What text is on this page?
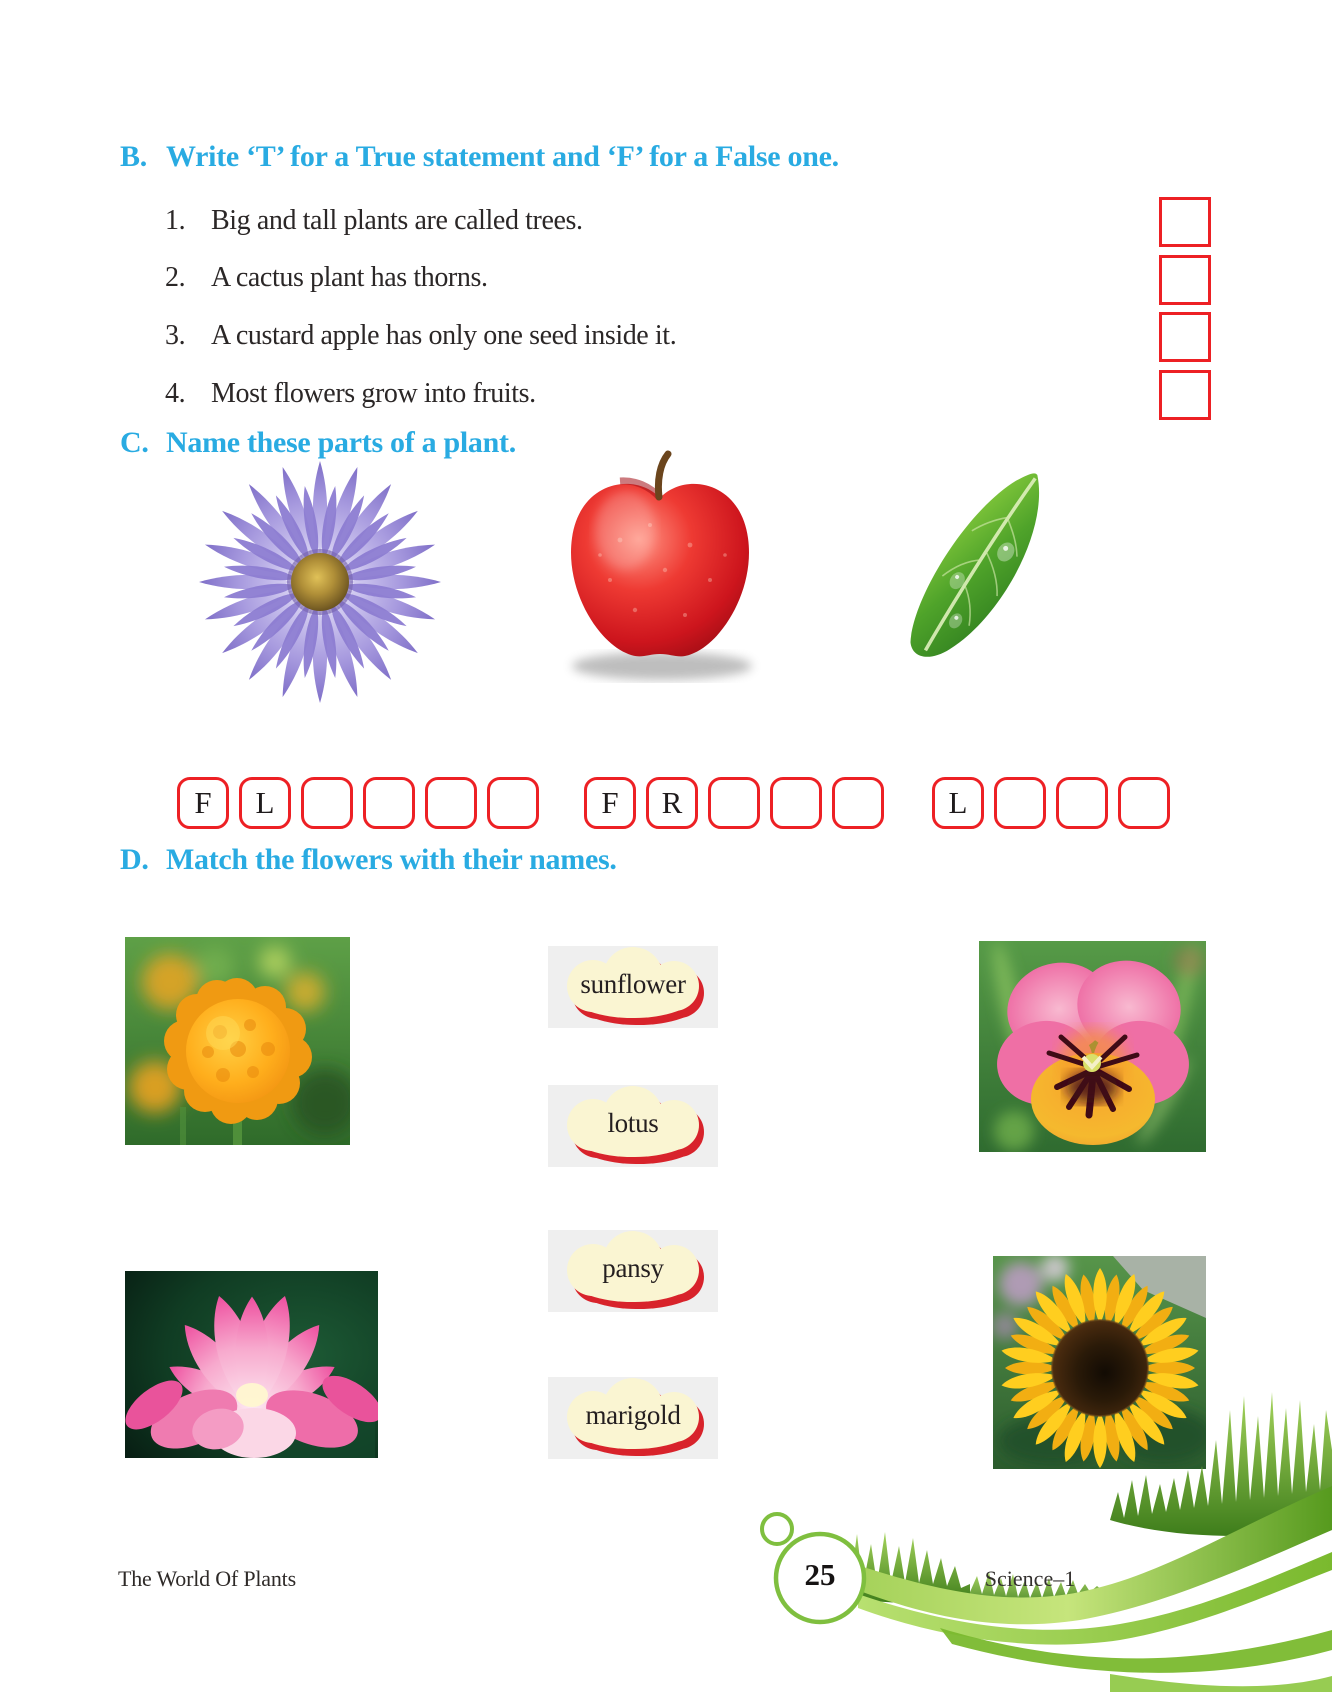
B. Write ‘T’ for a True statement and ‘F’ for a False one.
1. Big and tall plants are called trees.
2. A cactus plant has thorns.
3. A custard apple has only one seed inside it.
4. Most flowers grow into fruits.
C. Name these parts of a plant.
F	L	F	R	L
D. Match the flowers with their names.
sunflower
lotus
pansy
marigold
25	Science–1
The World Of Plants
